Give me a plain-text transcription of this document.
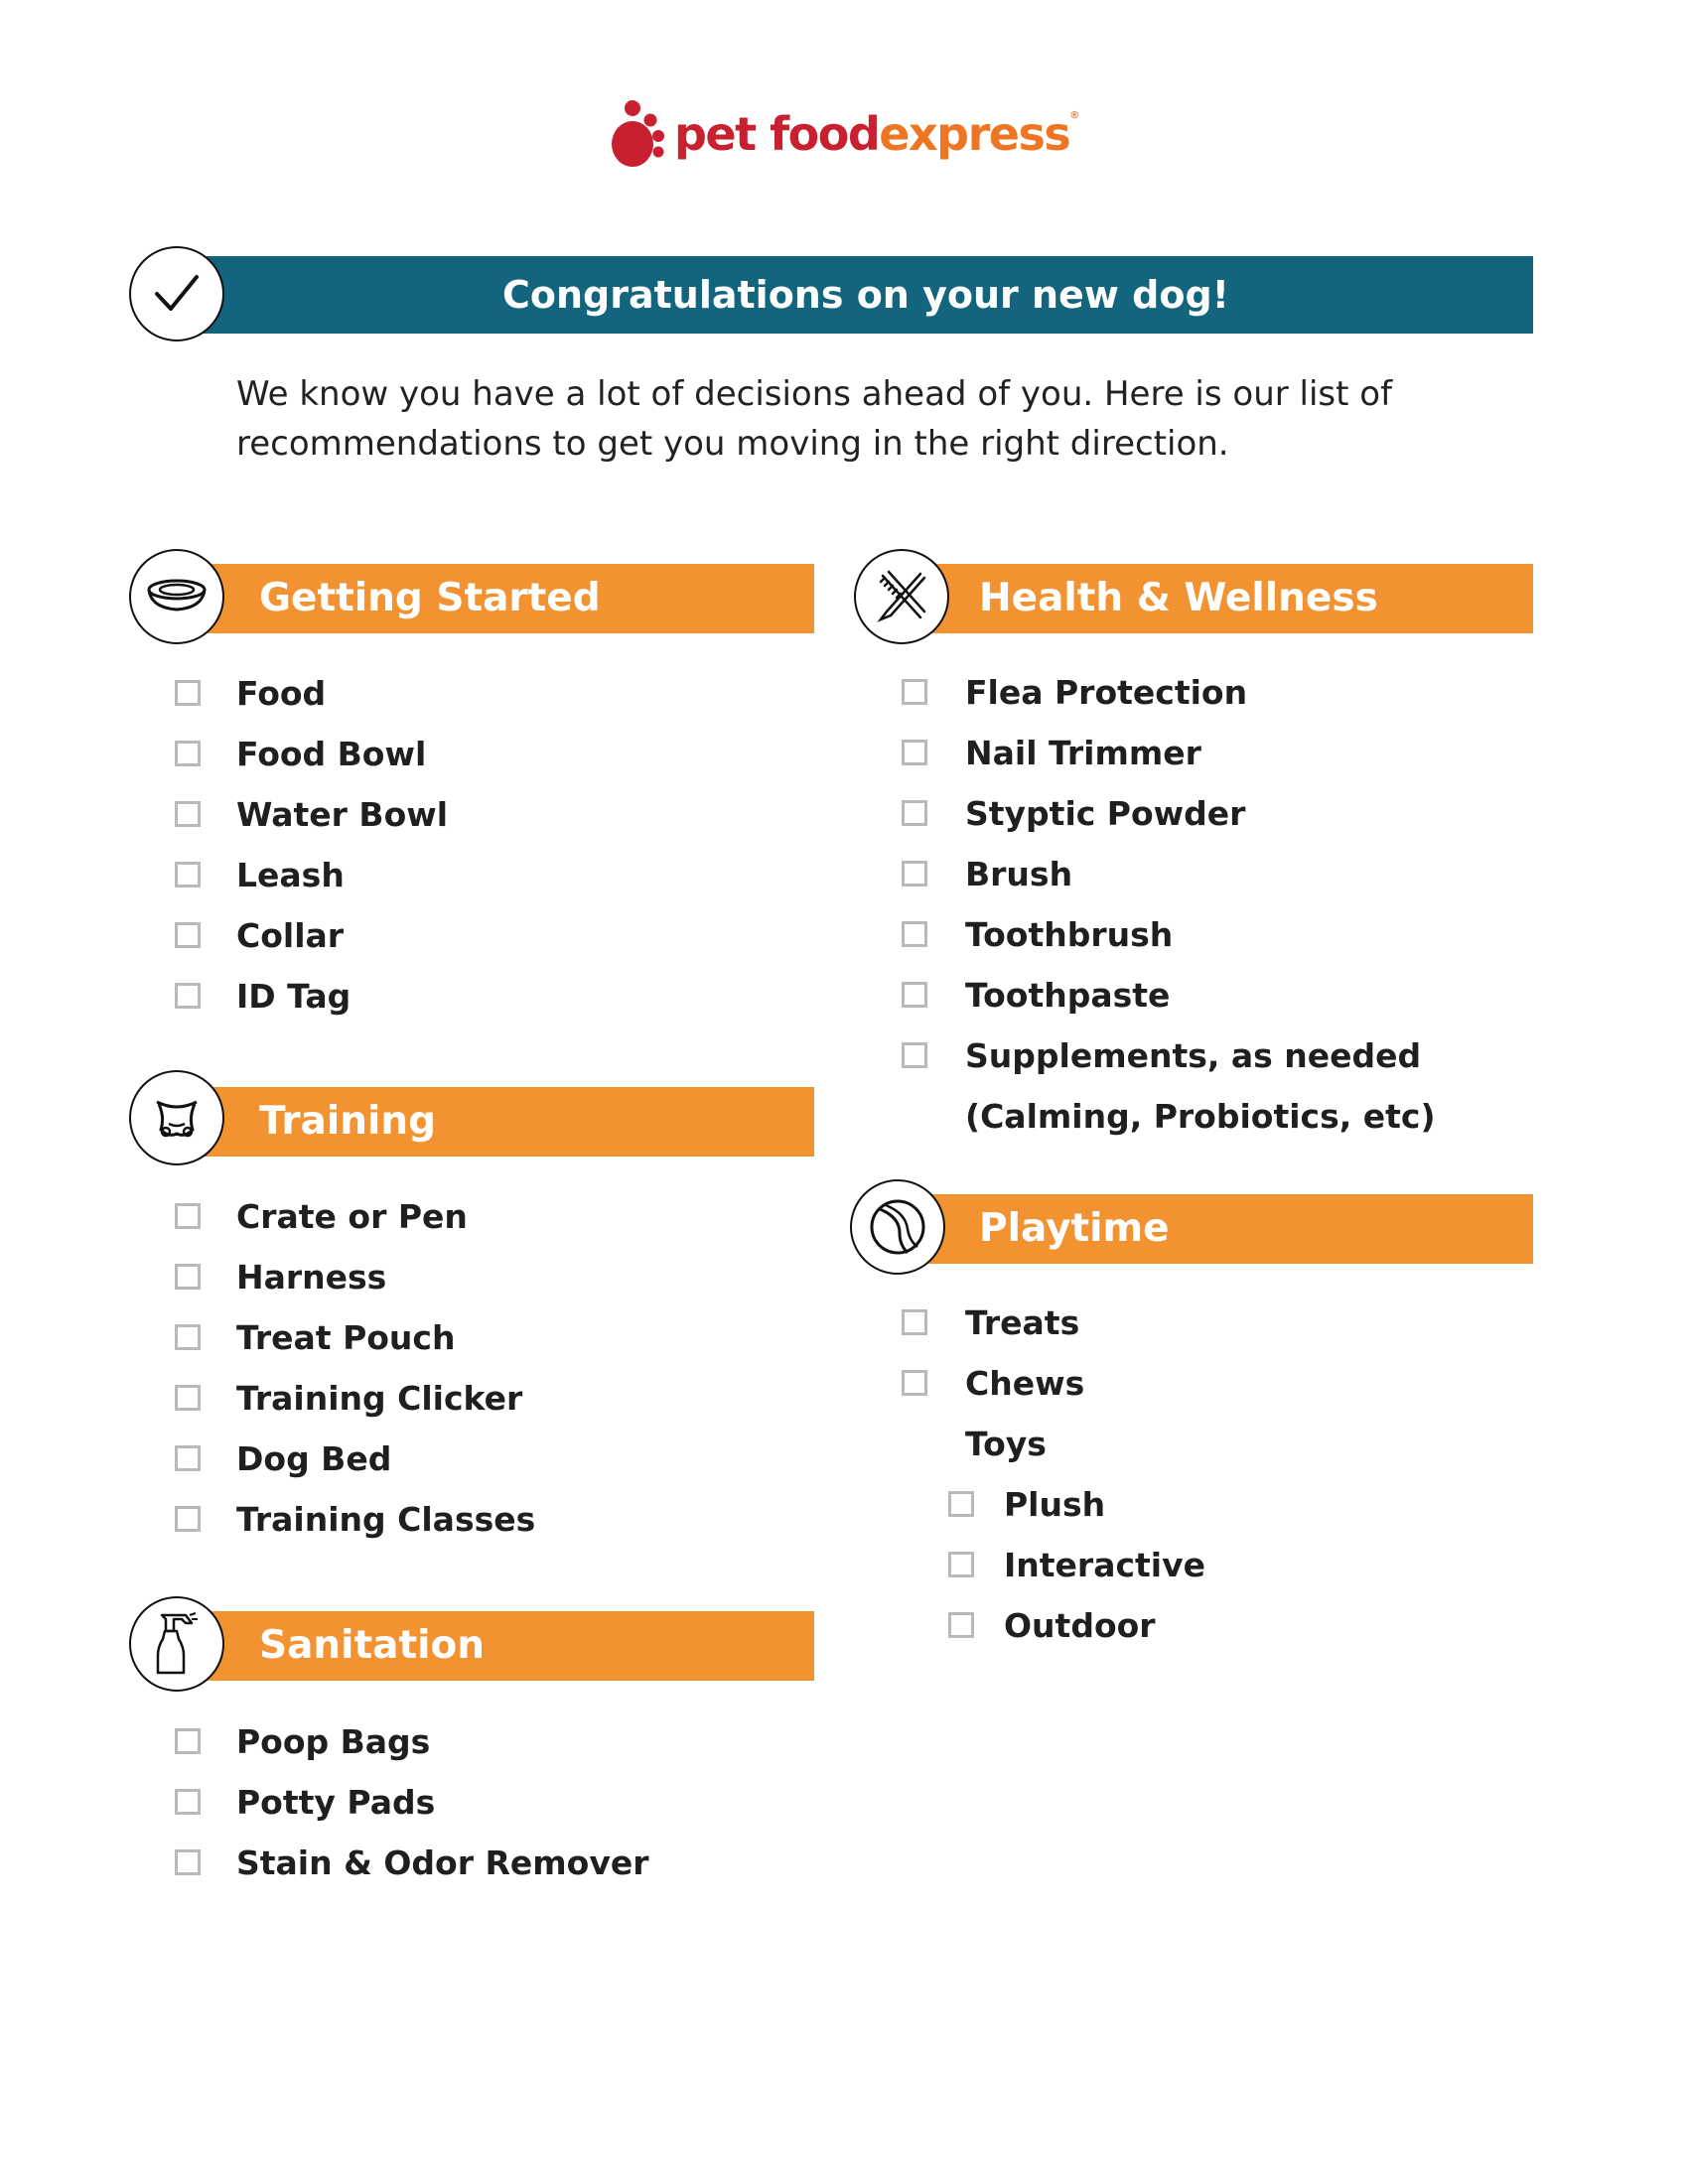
pet foodexpress®
Congratulations on your new dog!
We know you have a lot of decisions ahead of you. Here is our list of
recommendations to get you moving in the right direction.
Getting Started
Food
Food Bowl
Water Bowl
Leash
Collar
ID Tag
Training
Crate or Pen
Harness
Treat Pouch
Training Clicker
Dog Bed
Training Classes
Sanitation
Poop Bags
Potty Pads
Stain & Odor Remover
Health & Wellness
Flea Protection
Nail Trimmer
Styptic Powder
Brush
Toothbrush
Toothpaste
Supplements, as needed
(Calming, Probiotics, etc)
Playtime
Treats
Chews
Toys
Plush
Interactive
Outdoor
